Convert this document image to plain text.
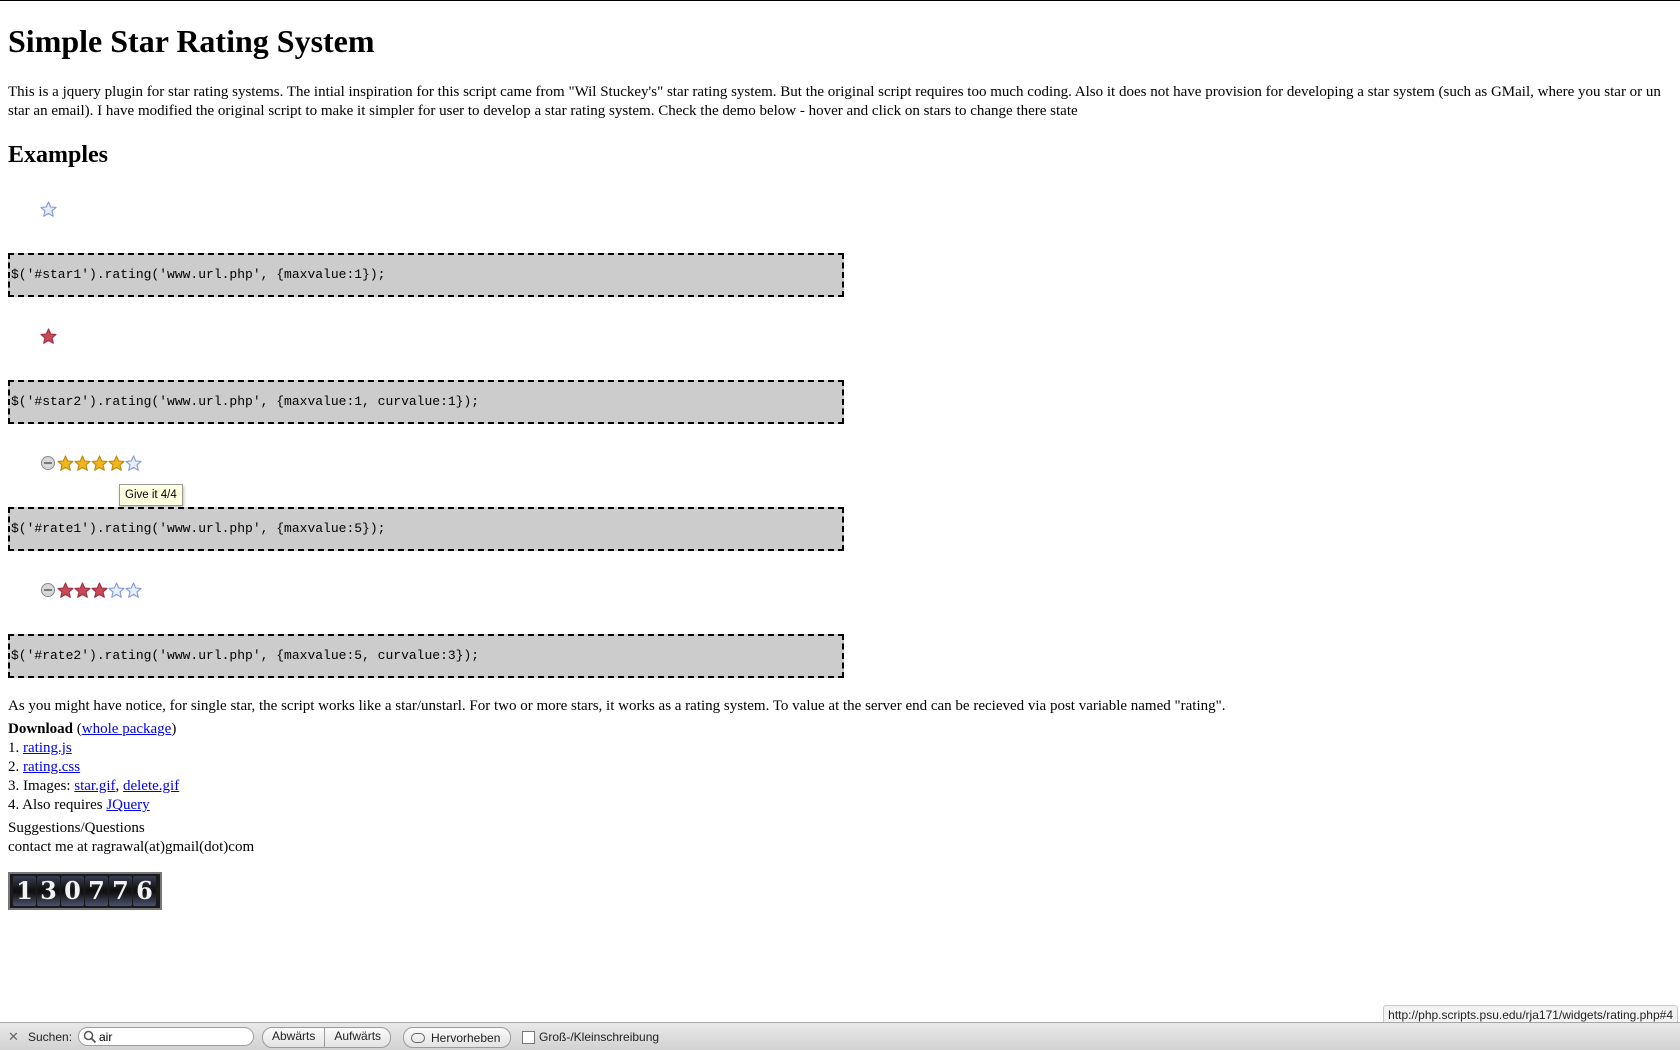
Simple Star Rating System

This is a jquery plugin for star rating systems. The intial inspiration for this script came from "Wil Stuckey's" star rating system. But the original script requires too much coding. Also it does not have provision for developing a star system (such as GMail, where you star or un star an email). I have modified the original script to make it simpler for user to develop a star rating system. Check the demo below - hover and click on stars to change there state

Examples
$('#star1').rating('www.url.php', {maxvalue:1});
$('#star2').rating('www.url.php', {maxvalue:1, curvalue:1});
Give it 4/4
$('#rate1').rating('www.url.php', {maxvalue:5});
$('#rate2').rating('www.url.php', {maxvalue:5, curvalue:3});

As you might have notice, for single star, the script works like a star/unstarl. For two or more stars, it works as a rating system. To value at the server end can be recieved via post variable named "rating".

Download (whole package)

1. rating.js

2. rating.css

3. Images: star.gif, delete.gif

4. Also requires JQuery

Suggestions/Questions

contact me at ragrawal(at)gmail(dot)com

1 3 0 7 7 6
http://php.scripts.psu.edu/rja171/widgets/rating.php#4
✕ Suchen:
air	Abwärts	Aufwärts	Hervorheben	Groß-/Kleinschreibung
